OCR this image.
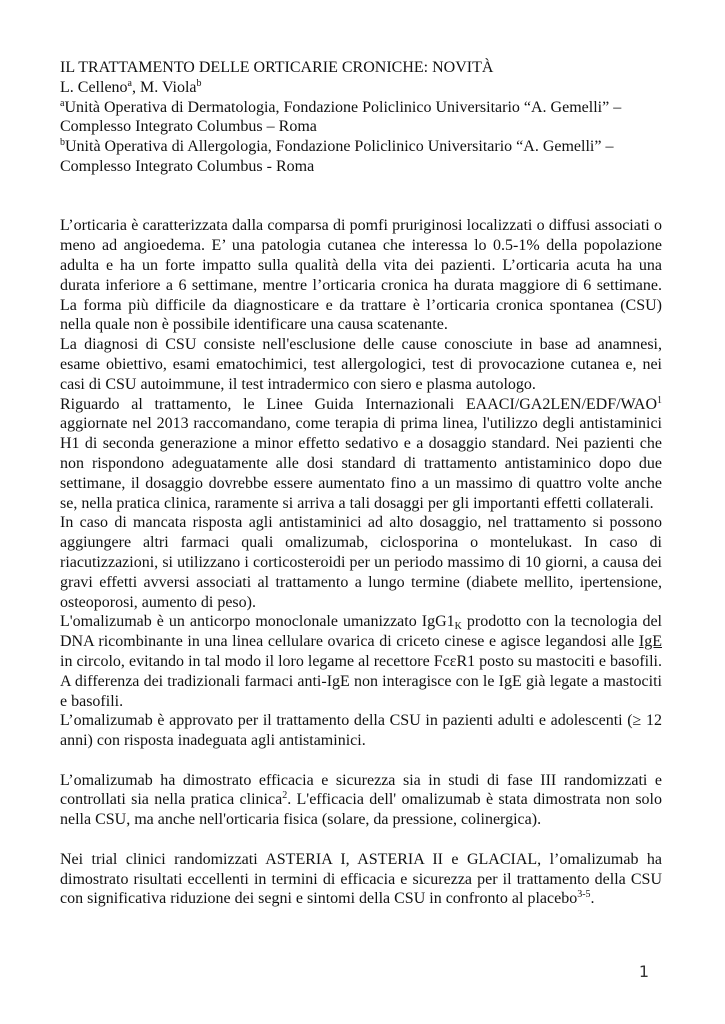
IL TRATTAMENTO DELLE ORTICARIE CRONICHE: NOVITÀ
L. Celleno$^a$, M. Viola$^b$

$^a$Unità Operativa di Dermatologia, Fondazione Policlinico Universitario “A. Gemelli” – Complesso Integrato Columbus – Roma

$^b$Unità Operativa di Allergologia, Fondazione Policlinico Universitario “A. Gemelli” – Complesso Integrato Columbus - Roma

L’orticaria è caratterizzata dalla comparsa di pomfi pruriginosi localizzati o diffusi associati o meno ad angioedema. E’ una patologia cutanea che interessa lo 0.5-1% della popolazione adulta e ha un forte impatto sulla qualità della vita dei pazienti. L’orticaria acuta ha una durata inferiore a 6 settimane, mentre l’orticaria cronica ha durata maggiore di 6 settimane. La forma più difficile da diagnosticare e da trattare è l’orticaria cronica spontanea (CSU) nella quale non è possibile identificare una causa scatenante.

La diagnosi di CSU consiste nell'esclusione delle cause conosciute in base ad anamnesi, esame obiettivo, esami ematochimici, test allergologici, test di provocazione cutanea e, nei casi di CSU autoimmune, il test intradermico con siero e plasma autologo.

Riguardo al trattamento, le Linee Guida Internazionali EAACI/GA2LEN/EDF/WAO$^1$ aggiornate nel 2013 raccomandano, come terapia di prima linea, l'utilizzo degli antistaminici H1 di seconda generazione a minor effetto sedativo e a dosaggio standard. Nei pazienti che non rispondono adeguatamente alle dosi standard di trattamento antistaminico dopo due settimane, il dosaggio dovrebbe essere aumentato fino a un massimo di quattro volte anche se, nella pratica clinica, raramente si arriva a tali dosaggi per gli importanti effetti collaterali.

In caso di mancata risposta agli antistaminici ad alto dosaggio, nel trattamento si possono aggiungere altri farmaci quali omalizumab, ciclosporina o montelukast. In caso di riacutizzazioni, si utilizzano i corticosteroidi per un periodo massimo di 10 giorni, a causa dei gravi effetti avversi associati al trattamento a lungo termine (diabete mellito, ipertensione, osteoporosi, aumento di peso).

L'omalizumab è un anticorpo monoclonale umanizzato $IgG1_K$ prodotto con la tecnologia del DNA ricombinante in una linea cellulare ovarica di criceto cinese e agisce legandosi alle IgE in circolo, evitando in tal modo il loro legame al recettore FcεR1 posto su mastociti e basofili. A differenza dei tradizionali farmaci anti-IgE non interagisce con le IgE già legate a mastociti e basofili.

L’omalizumab è approvato per il trattamento della CSU in pazienti adulti e adolescenti (≥ 12 anni) con risposta inadeguata agli antistaminici.

L’omalizumab ha dimostrato efficacia e sicurezza sia in studi di fase III randomizzati e controllati sia nella pratica clinica$^2$. L'efficacia dell' omalizumab è stata dimostrata non solo nella CSU, ma anche nell'orticaria fisica (solare, da pressione, colinergica).

Nei trial clinici randomizzati ASTERIA I, ASTERIA II e GLACIAL, l’omalizumab ha dimostrato risultati eccellenti in termini di efficacia e sicurezza per il trattamento della CSU con significativa riduzione dei segni e sintomi della CSU in confronto al placebo$^{3-5}$.

1
